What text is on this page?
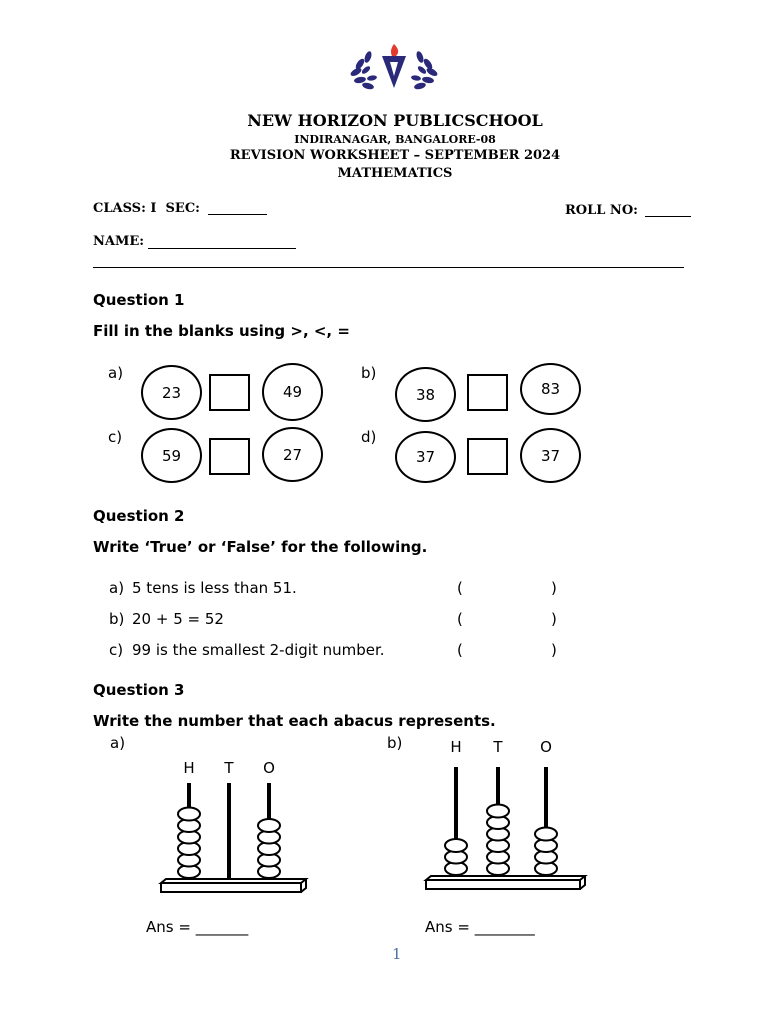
NEW HORIZON PUBLICSCHOOL
INDIRANAGAR, BANGALORE-08
REVISION WORKSHEET – SEPTEMBER 2024
MATHEMATICS
CLASS: I  SEC:	ROLL NO:
NAME:
Question 1
Fill in the blanks using >, <, =
a)
23	49
b)
38	83
c)
59	27
d)
37	37
Question 2
Write ‘True’ or ‘False’ for the following.
a) 5 tens is less than 51.	(	)
b) 20 + 5 = 52	(	)
c) 99 is the smallest 2-digit number.	(	)
Question 3
Write the number that each abacus represents.
a)	b)
H T O
H T	O
Ans = _______	Ans = ________
1
